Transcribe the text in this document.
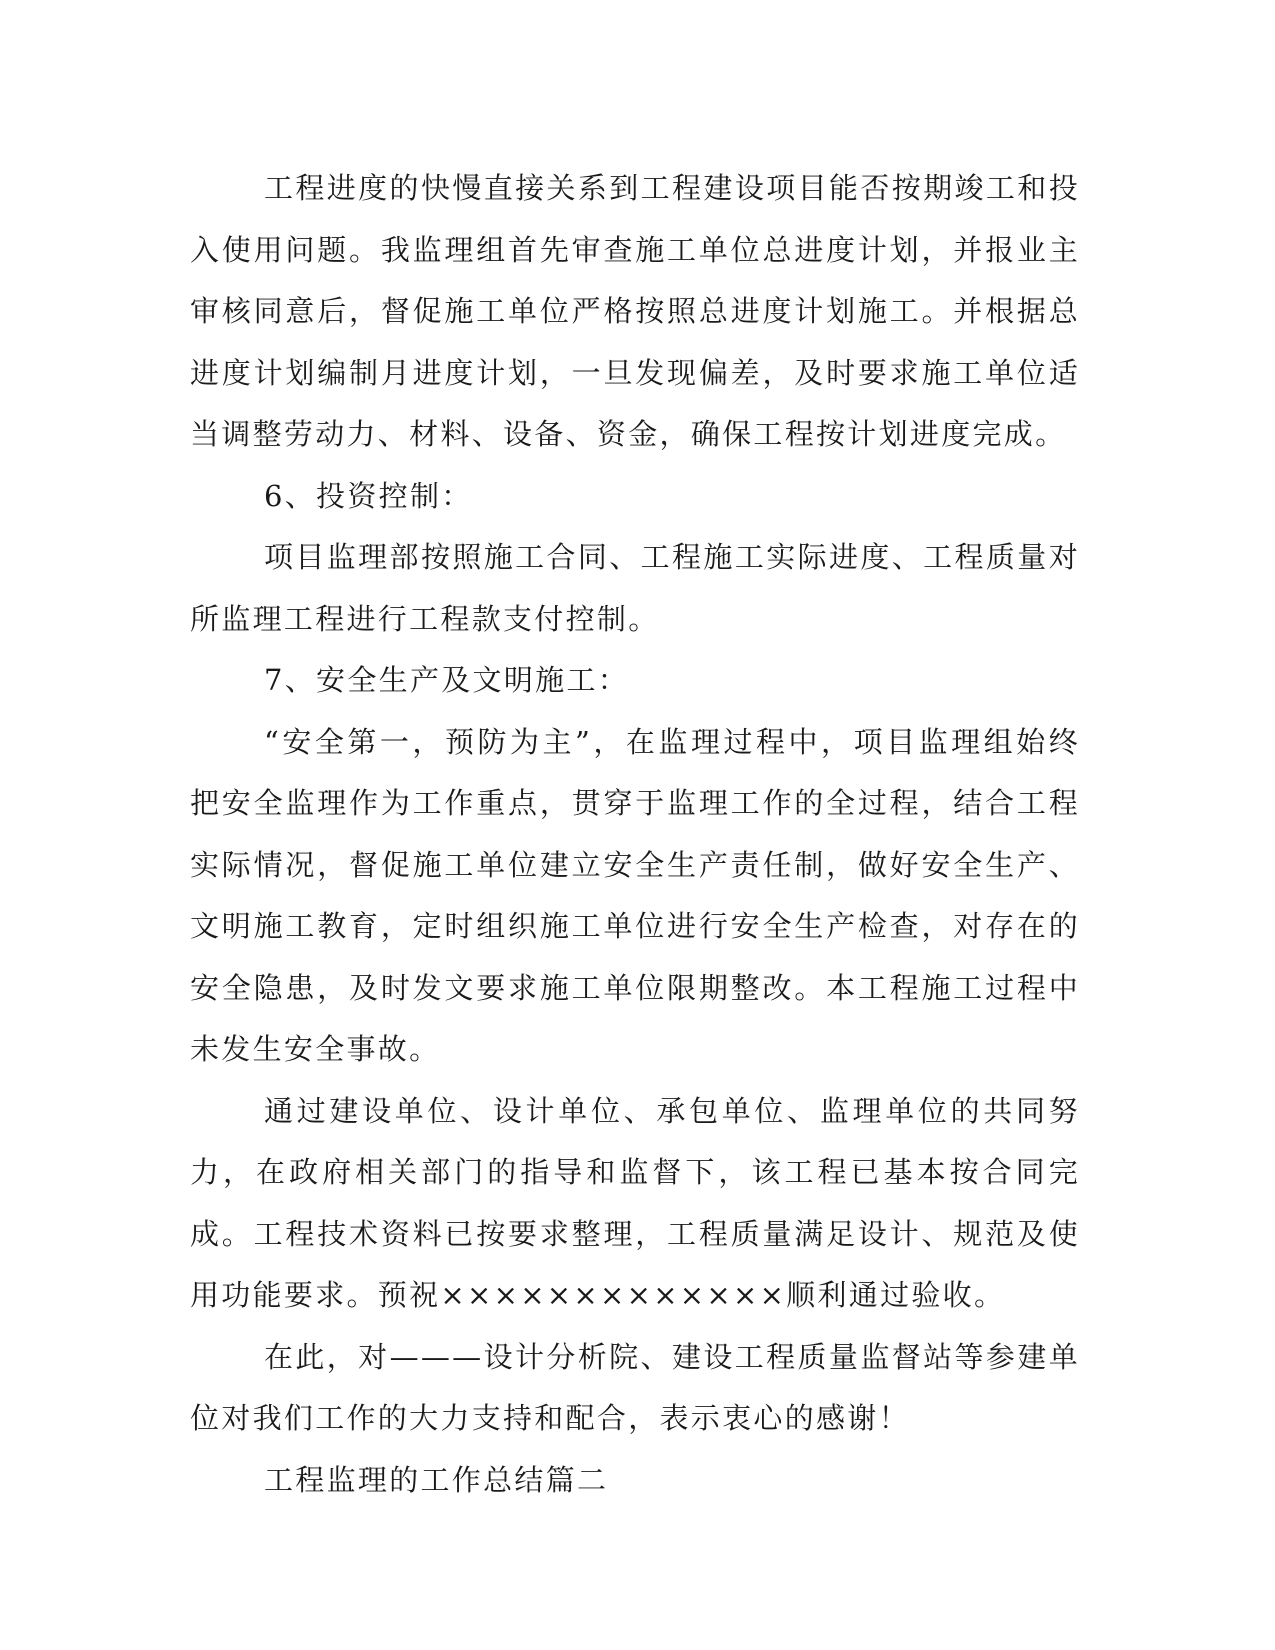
工程进度的快慢直接关系到工程建设项目能否按期竣工和投入使用问题。我监理组首先审查施工单位总进度计划，并报业主审核同意后，督促施工单位严格按照总进度计划施工。并根据总进度计划编制月进度计划，一旦发现偏差，及时要求施工单位适当调整劳动力、材料、设备、资金，确保工程按计划进度完成。

6、投资控制：

项目监理部按照施工合同、工程施工实际进度、工程质量对所监理工程进行工程款支付控制。

7、安全生产及文明施工：

“安全第一，预防为主”，在监理过程中，项目监理组始终把安全监理作为工作重点，贯穿于监理工作的全过程，结合工程实际情况，督促施工单位建立安全生产责任制，做好安全生产、文明施工教育，定时组织施工单位进行安全生产检查，对存在的安全隐患，及时发文要求施工单位限期整改。本工程施工过程中未发生安全事故。

通过建设单位、设计单位、承包单位、监理单位的共同努力，在政府相关部门的指导和监督下，该工程已基本按合同完成。工程技术资料已按要求整理，工程质量满足设计、规范及使用功能要求。预祝×××××××××××××顺利通过验收。

在此，对———设计分析院、建设工程质量监督站等参建单位对我们工作的大力支持和配合，表示衷心的感谢！

工程监理的工作总结篇二
